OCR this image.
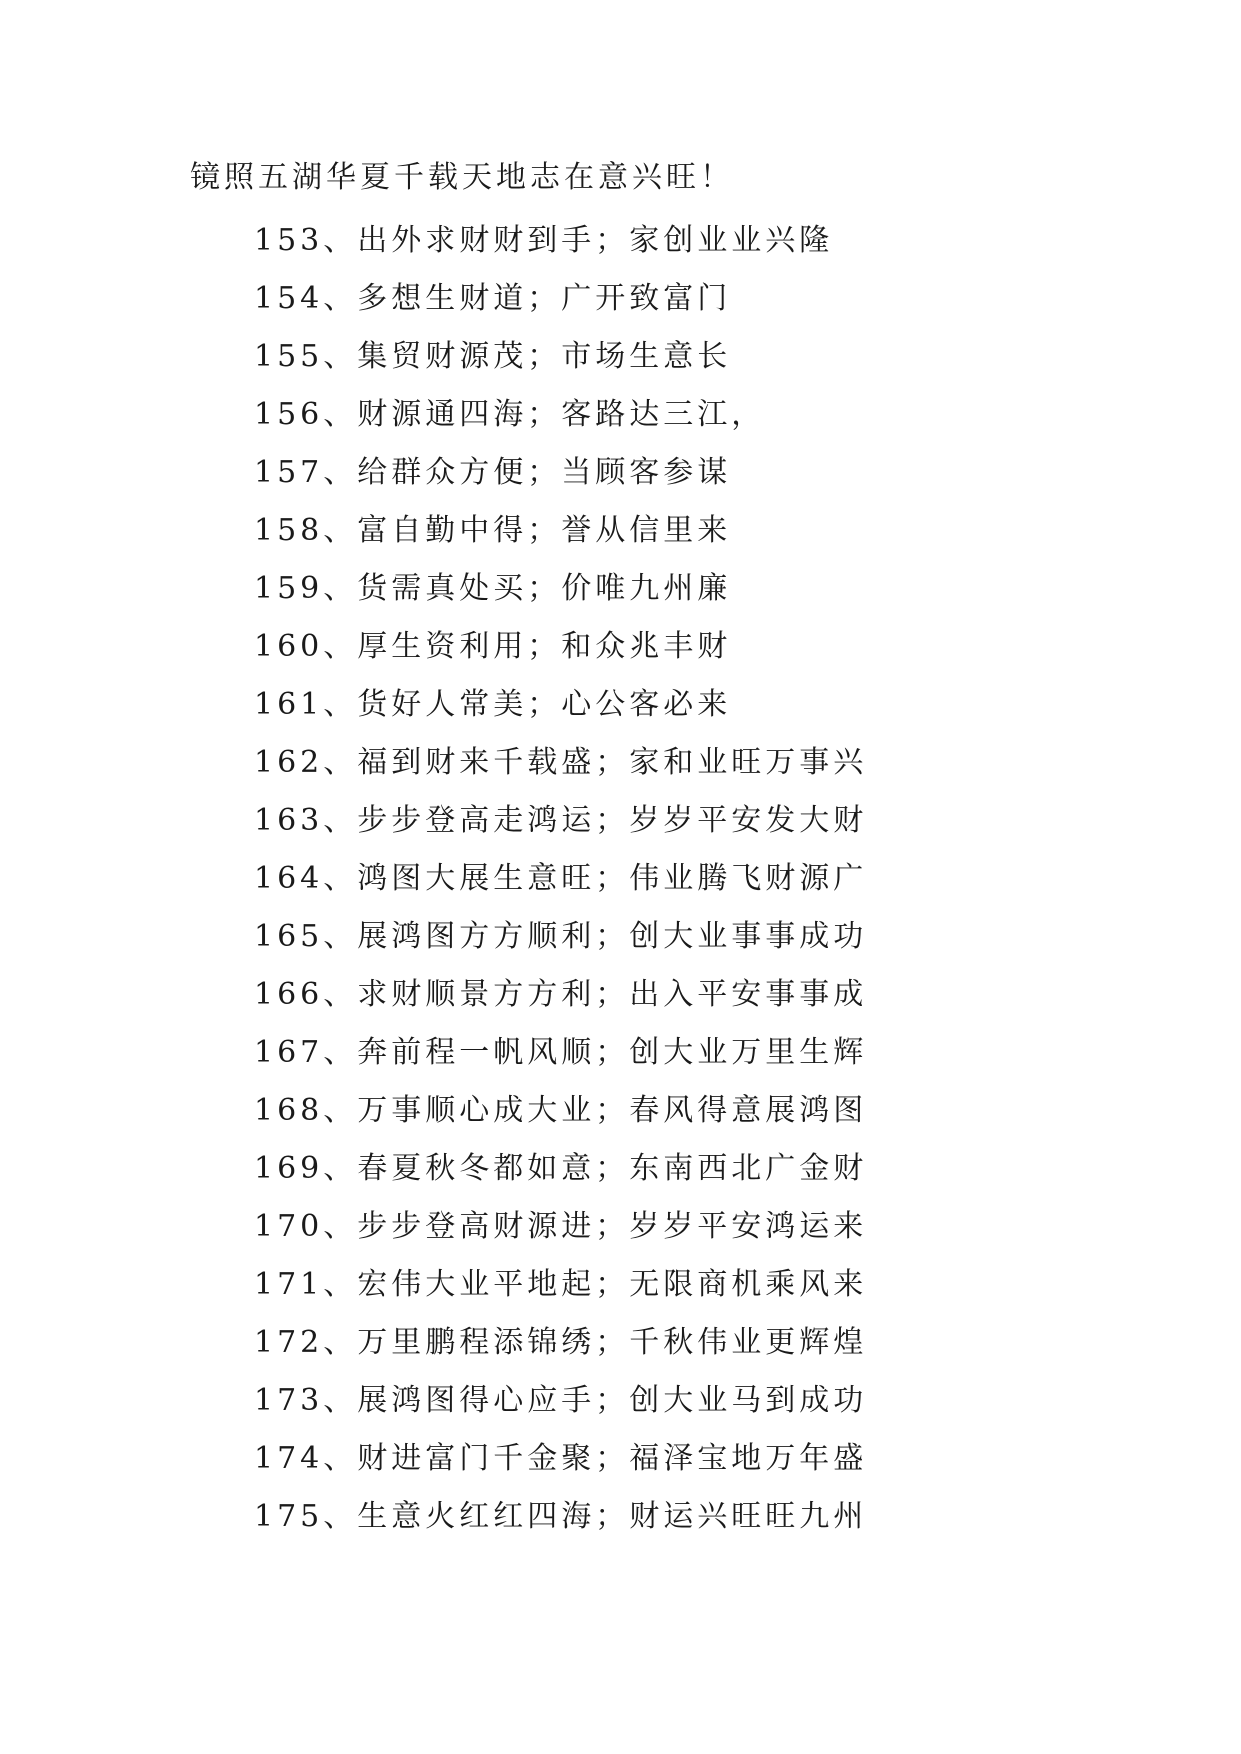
镜照五湖华夏千载天地志在意兴旺！
153、出外求财财到手；家创业业兴隆
154、多想生财道；广开致富门
155、集贸财源茂；市场生意长
156、财源通四海；客路达三江，
157、给群众方便；当顾客参谋
158、富自勤中得；誉从信里来
159、货需真处买；价唯九州廉
160、厚生资利用；和众兆丰财
161、货好人常美；心公客必来
162、福到财来千载盛；家和业旺万事兴
163、步步登高走鸿运；岁岁平安发大财
164、鸿图大展生意旺；伟业腾飞财源广
165、展鸿图方方顺利；创大业事事成功
166、求财顺景方方利；出入平安事事成
167、奔前程一帆风顺；创大业万里生辉
168、万事顺心成大业；春风得意展鸿图
169、春夏秋冬都如意；东南西北广金财
170、步步登高财源进；岁岁平安鸿运来
171、宏伟大业平地起；无限商机乘风来
172、万里鹏程添锦绣；千秋伟业更辉煌
173、展鸿图得心应手；创大业马到成功
174、财进富门千金聚；福泽宝地万年盛
175、生意火红红四海；财运兴旺旺九州
